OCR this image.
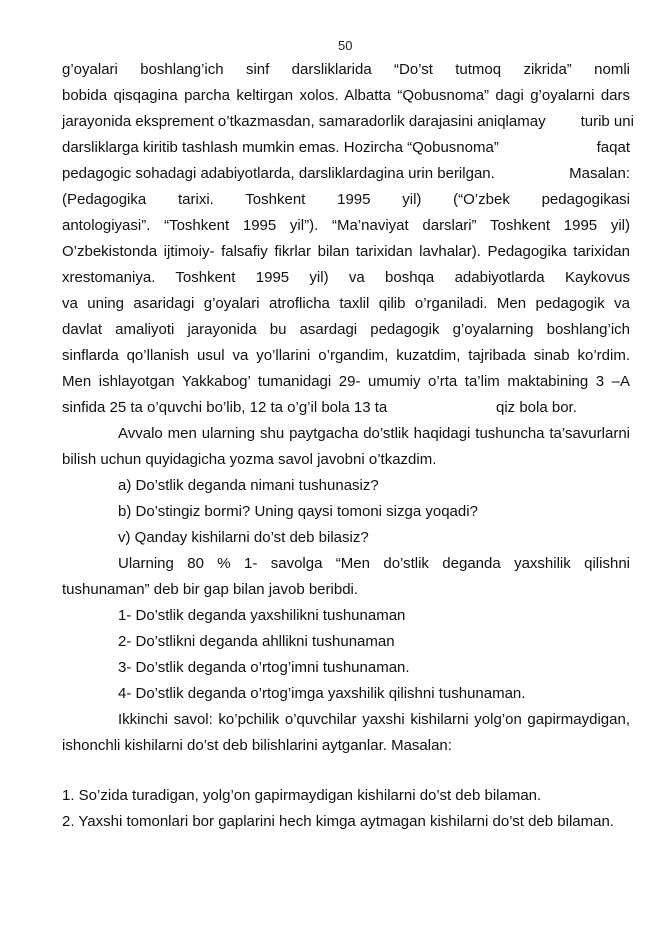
50
g’oyalari boshlang’ich sinf darsliklarida “Do’st tutmoq zikrida” nomli
bobida qisqagina parcha keltirgan xolos. Albatta “Qobusnoma” dagi g’oyalarni dars
jarayonida ekspremеnt o’tkazmasdan, samaradorlik darajasini aniqlamay turib uni
darsliklarga kiritib tashlash mumkin emas. Hozircha “Qobusnoma”	faqat
pedagogic sohadagi adabiyotlarda, darsliklardagina urin berilgan.	Masalan:
(Pedagogika tarixi. Toshkent 1995 yil) (“O’zbek pedagogikasi
antologiyasi”. “Toshkent 1995 yil”). “Ma’naviyat darslari” Toshkent 1995 yil)
O’zbekistonda ijtimoiy- falsafiy fikrlar bilan tarixidan lavhalar). Pedagogika tarixidan
xrestomaniya. Toshkent 1995 yil) va boshqa adabiyotlarda Kaykovus
va uning asaridagi g’oyalari atroflicha taxlil qilib o’rganiladi. Men pedagogik va
davlat amaliyoti jarayonida bu asardagi pedagogik g’oyalarning boshlang’ich
sinflarda qo’llanish usul va yo’llarini o’rgandim, kuzatdim, tajribada sinab ko’rdim.
Men ishlayotgan Yakkabog’ tumanidagi 29- umumiy o’rta ta’lim maktabining 3 –A
sinfida 25 ta o’quvchi bo’lib, 12 ta o’g’il bola 13 ta	qiz bola bor.
Avvalo men ularning shu paytgacha do’stlik haqidagi tushuncha ta’savurlarni
bilish uchun quyidagicha yozma savol javobni o’tkazdim.
a) Do’stlik deganda nimani tushunasiz?
b) Do’stingiz bormi? Uning qaysi tomoni sizga yoqadi?
v) Qanday kishilarni do’st deb bilasiz?
Ularning 80 % 1- savolga “Men do’stlik deganda yaxshilik qilishni
tushunaman” deb bir gap bilan javob beribdi.
1- Do’stlik deganda yaxshilikni tushunaman
2- Do’stlikni deganda ahllikni tushunaman
3- Do’stlik deganda o’rtog’imni tushunaman.
4- Do’stlik deganda o’rtog’imga yaxshilik qilishni tushunaman.
Ikkinchi savol: ko’pchilik o’quvchilar yaxshi kishilarni yolg’on gapirmaydigan,
ishonchli kishilarni do’st deb bilishlarini aytganlar. Masalan:
1. So’zida turadigan, yolg’on gapirmaydigan kishilarni do’st deb bilaman.
2. Yaxshi tomonlari bor gaplarini hech kimga aytmagan kishilarni do’st deb bilaman.
